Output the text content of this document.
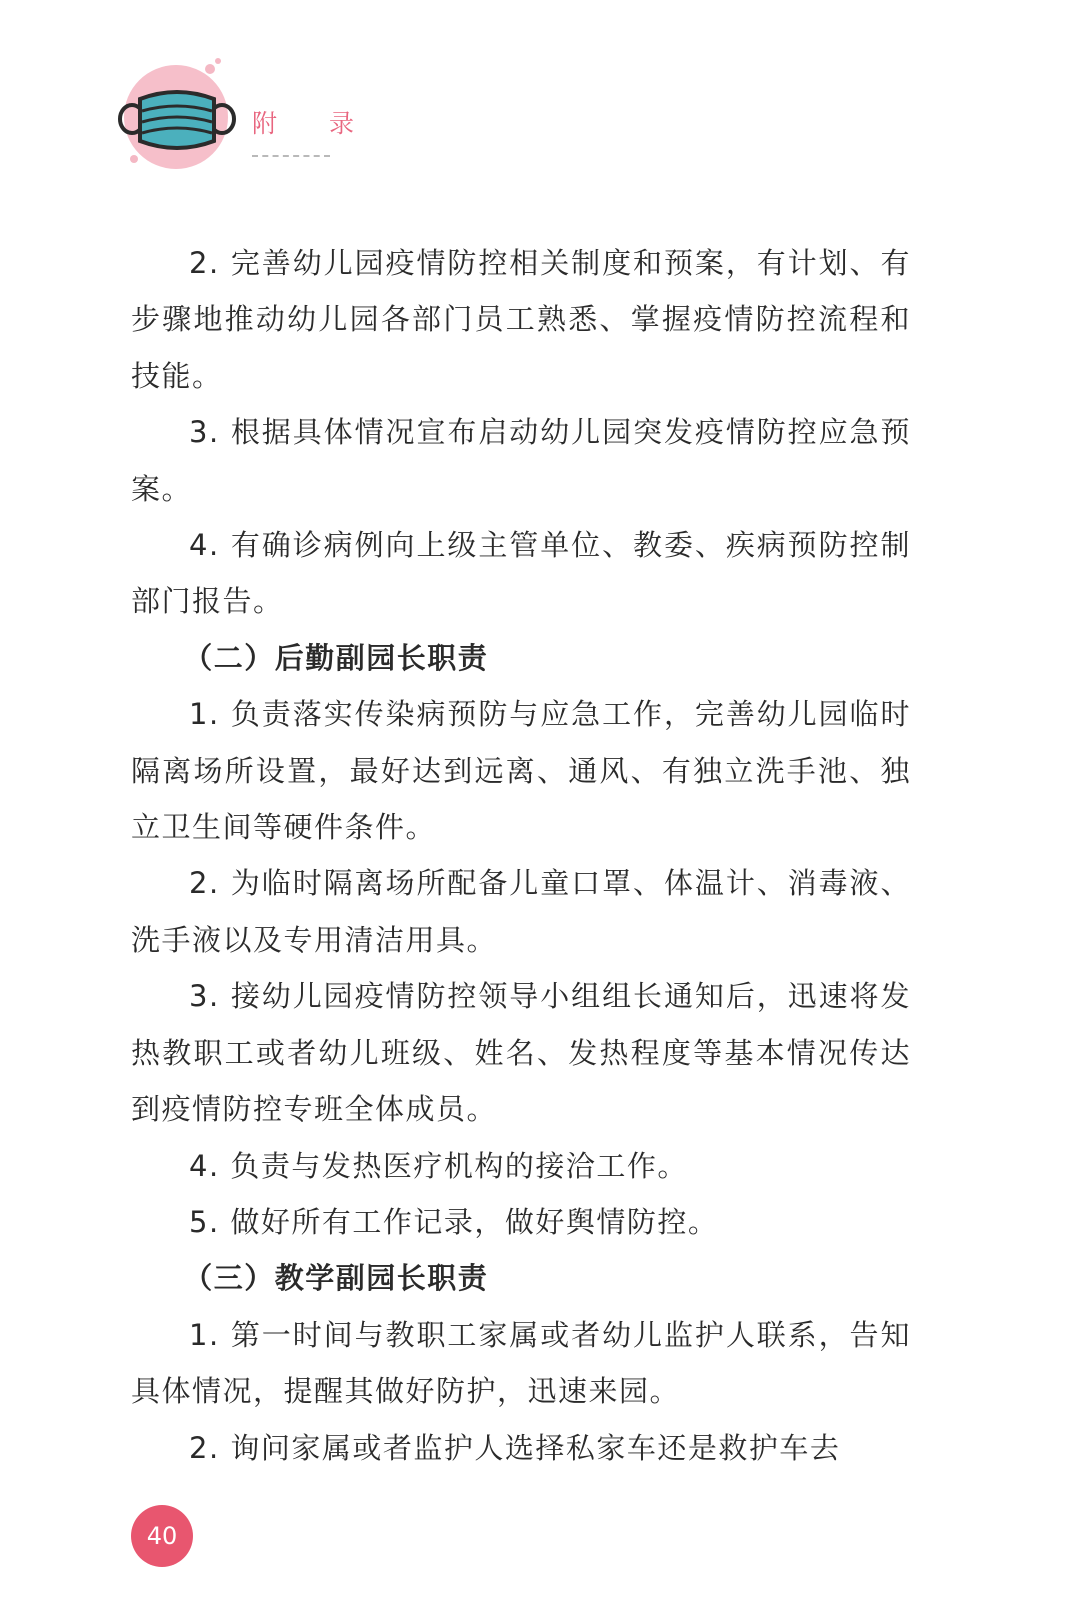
附 录

2. 完善幼儿园疫情防控相关制度和预案，有计划、有步骤地推动幼儿园各部门员工熟悉、掌握疫情防控流程和技能。

3. 根据具体情况宣布启动幼儿园突发疫情防控应急预案。

4. 有确诊病例向上级主管单位、教委、疾病预防控制部门报告。

（二）后勤副园长职责

1. 负责落实传染病预防与应急工作，完善幼儿园临时隔离场所设置，最好达到远离、通风、有独立洗手池、独立卫生间等硬件条件。

2. 为临时隔离场所配备儿童口罩、体温计、消毒液、洗手液以及专用清洁用具。

3. 接幼儿园疫情防控领导小组组长通知后，迅速将发热教职工或者幼儿班级、姓名、发热程度等基本情况传达到疫情防控专班全体成员。

4. 负责与发热医疗机构的接洽工作。

5. 做好所有工作记录，做好舆情防控。

（三）教学副园长职责

1. 第一时间与教职工家属或者幼儿监护人联系，告知具体情况，提醒其做好防护，迅速来园。

2. 询问家属或者监护人选择私家车还是救护车去

40
